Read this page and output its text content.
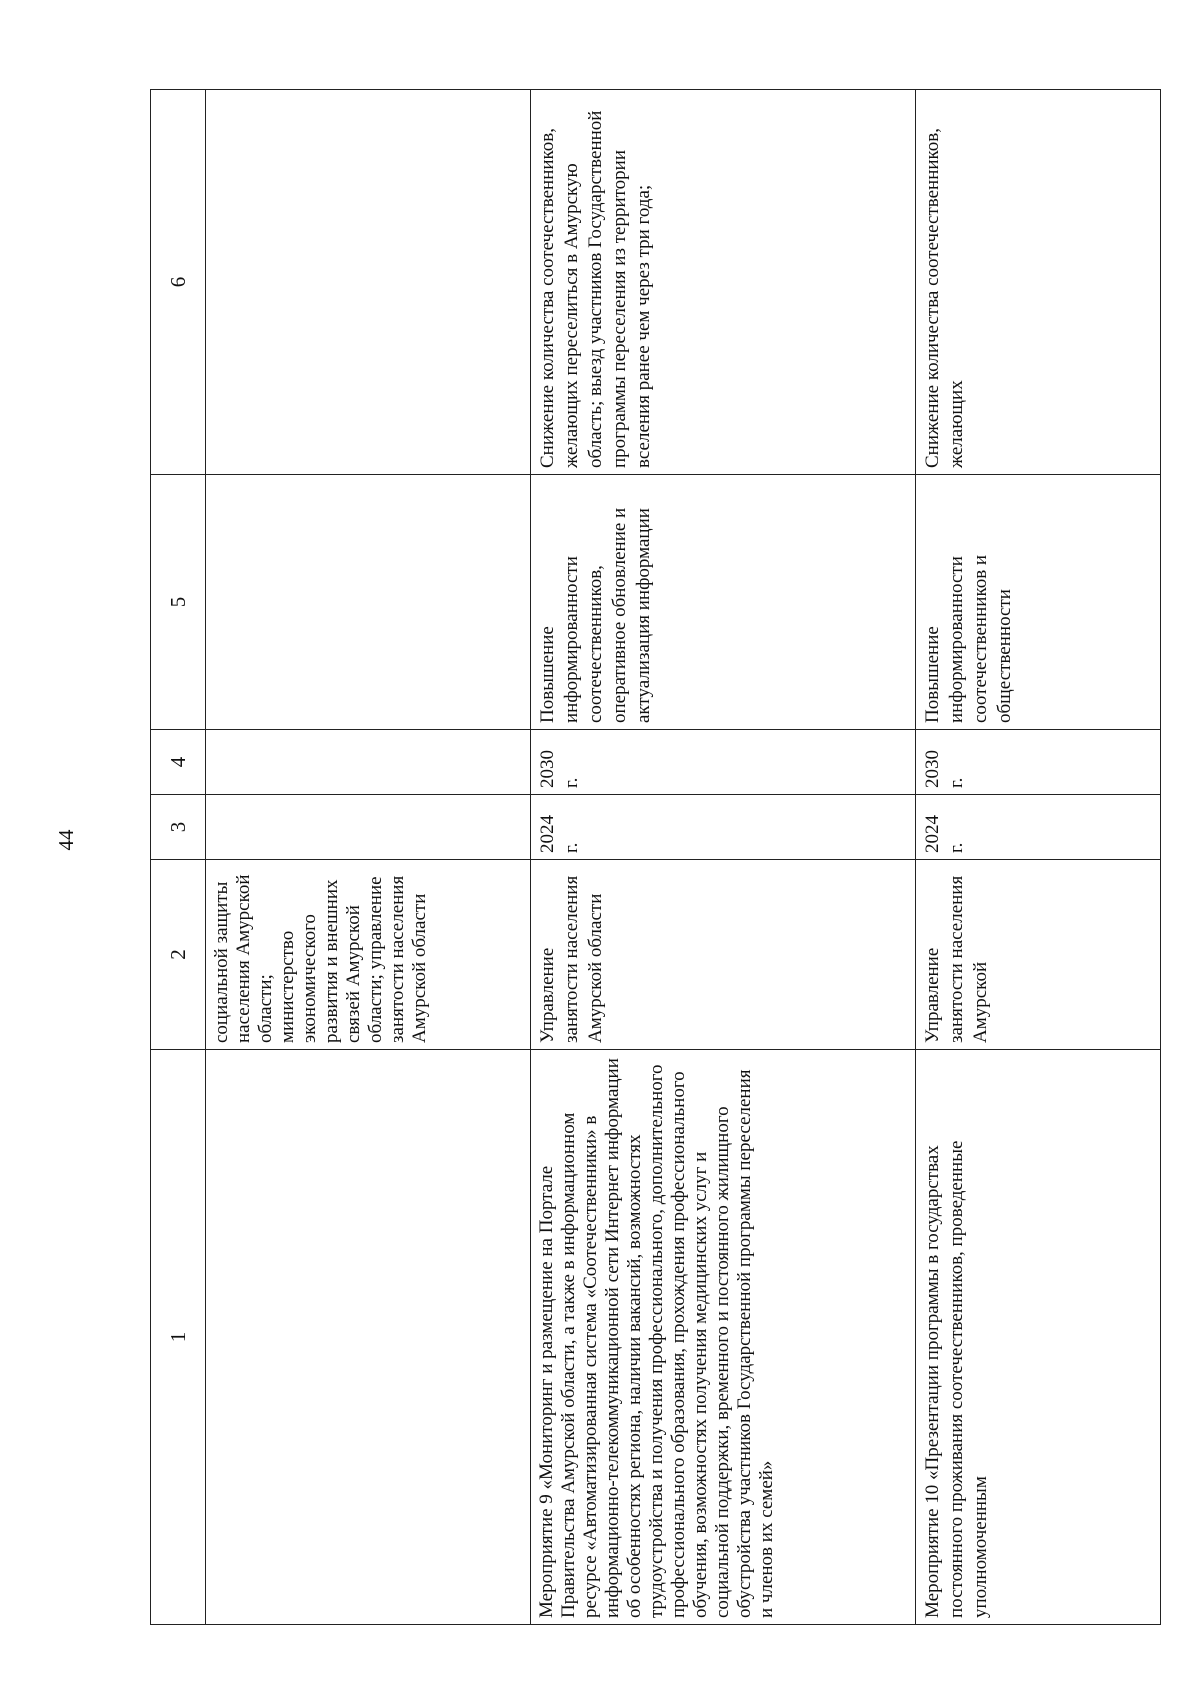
44
1	2	3	4	5	6
	социальной защиты населения Амурской области; министерство экономического развития и внешних связей Амурской области; управление занятости населения Амурской области				
Мероприятие 9 «Мониторинг и размещение на Портале Правительства Амурской области, а также в информационном ресурсе «Автоматизированная система «Соотечественники» в информационно-телекоммуникационной сети Интернет информации об особенностях региона, наличии вакансий, возможностях трудоустройства и получения профессионального, дополнительного профессионального образования, прохождения профессионального обучения, возможностях получения медицинских услуг и социальной поддержки, временного и постоянного жилищного обустройства участников Государственной программы переселения и членов их семей»	Управление занятости населения Амурской области	2024 г.	2030 г.	Повышение информированности соотечественников, оперативное обновление и актуализация информации	Снижение количества соотечественников, желающих переселиться в Амурскую область; выезд участников Государственной программы переселения из территории вселения ранее чем через три года;
Мероприятие 10 «Презентации программы в государствах постоянного проживания соотечественников, проведенные уполномоченным	Управление занятости населения Амурской	2024 г.	2030 г.	Повышение информированности соотечественников и общественности	Снижение количества соотечественников, желающих
